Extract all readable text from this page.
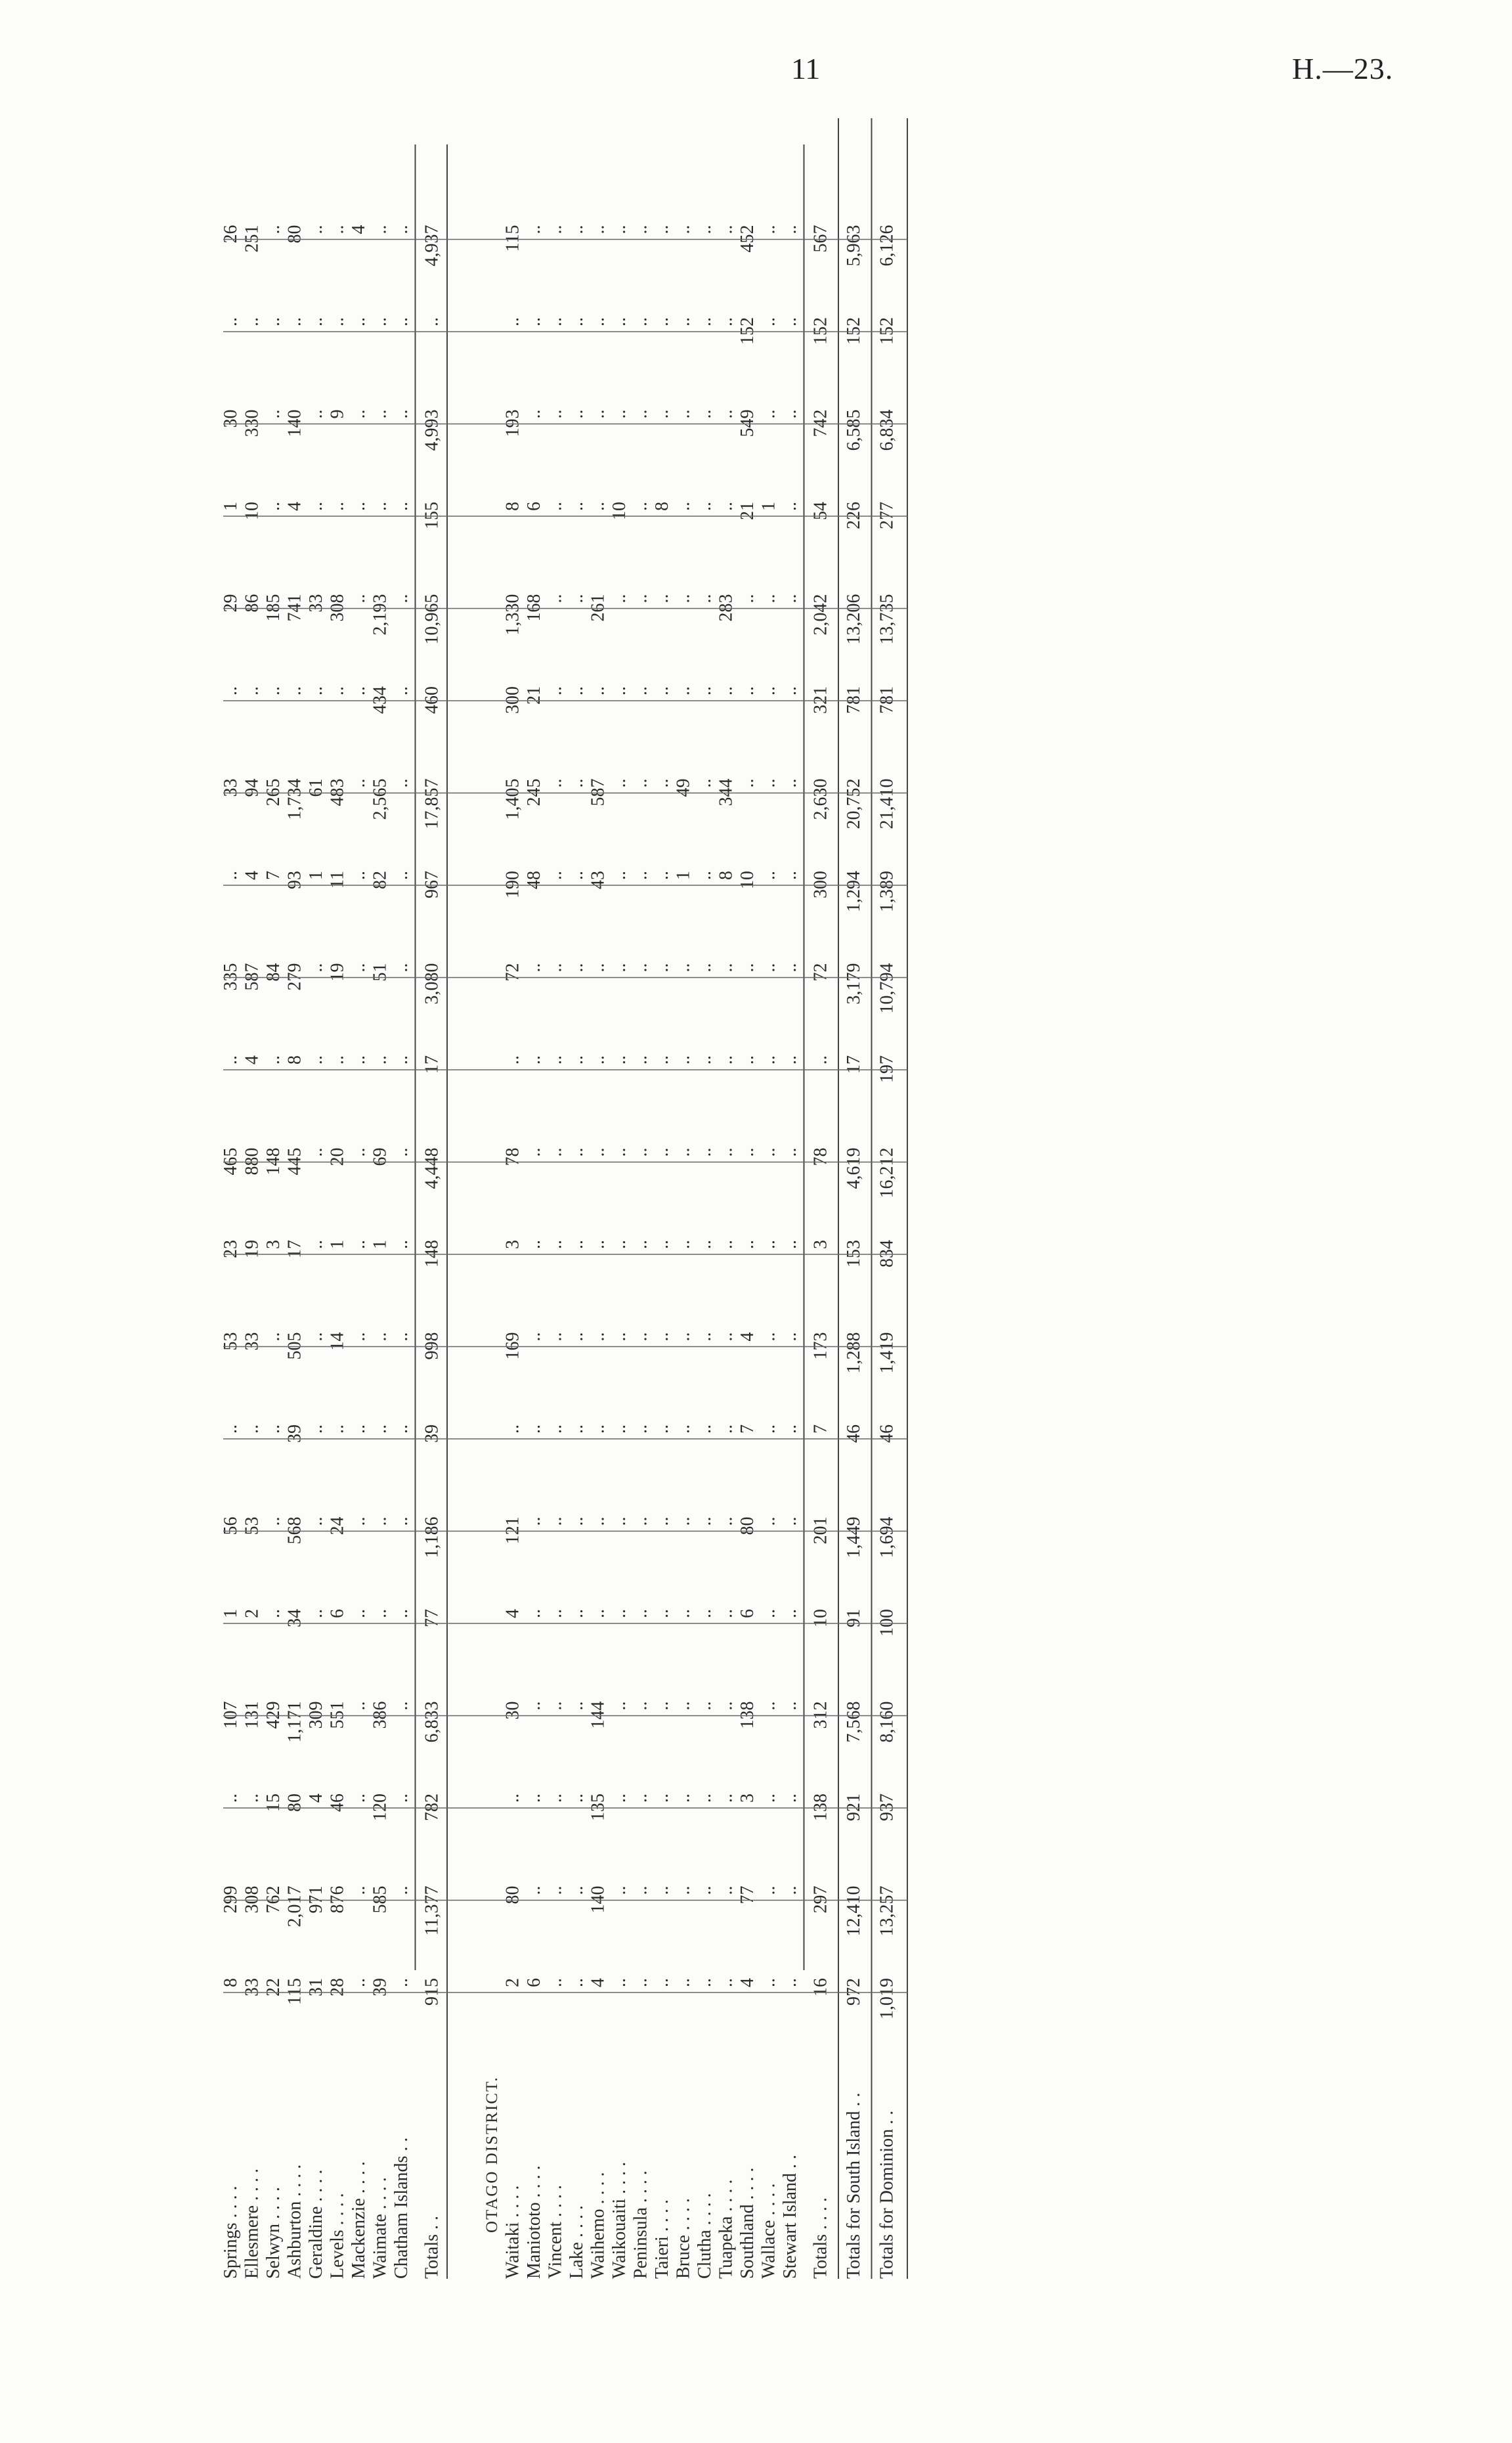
11	H.—23.
Springs . . . .
8
299
..
107
1
56
..
53
23
465
..
335
..
33
..
29
1
30
..
26
Ellesmere . . . .
33
308
..
131
2
53
..
33
19
880
4
587
4
94
..
86
10
330
..
251
Selwyn . . . .
22
762
15
429
..
..
..
..
3
148
..
84
7
265
..
185
..
..
..
..
Ashburton . . . .
115
2,017
80
1,171
34
568
39
505
17
445
8
279
93
1,734
..
741
4
140
..
80
Geraldine . . . .
31
971
4
309
..
..
..
..
..
..
..
..
1
61
..
33
..
..
..
..
Levels . . . .
28
876
46
551
6
24
..
14
1
20
..
19
11
483
..
308
..
9
..
..
Mackenzie . . . .
..
..
..
..
..
..
..
..
..
..
..
..
..
..
..
..
..
..
..
4
Waimate . . . .
39
585
120
386
..
..
..
..
1
69
..
51
82
2,565
434
2,193
..
..
..
..
Chatham Islands . .
..
..
..
..
..
..
..
..
..
..
..
..
..
..
..
..
..
..
..
..
Totals . .
915
11,377
782
6,833
77
1,186
39
998
148
4,448
17
3,080
967
17,857
460
10,965
155
4,993
..
4,937
OTAGO DISTRICT. Waitaki . . . .
2
80
..
30
4
121
..
169
3
78
..
72
190
1,405
300
1,330
8
193
..
115
Maniototo . . . .
6
..
..
..
..
..
..
..
..
..
..
..
48
245
21
168
6
..
..
..
Vincent . . . .
..
..
..
..
..
..
..
..
..
..
..
..
..
..
..
..
..
..
..
..
Lake . . . .
..
..
..
..
..
..
..
..
..
..
..
..
..
..
..
..
..
..
..
..
Waihemo . . . .
4
140
135
144
..
..
..
..
..
..
..
..
43
587
..
261
..
..
..
..
Waikouaiti . . . .
..
..
..
..
..
..
..
..
..
..
..
..
..
..
..
..
10
..
..
..
Peninsula . . . .
..
..
..
..
..
..
..
..
..
..
..
..
..
..
..
..
..
..
..
..
Taieri . . . .
..
..
..
..
..
..
..
..
..
..
..
..
..
..
..
..
8
..
..
..
Bruce . . . .
..
..
..
..
..
..
..
..
..
..
..
..
1
49
..
..
..
..
..
..
Clutha . . . .
..
..
..
..
..
..
..
..
..
..
..
..
..
..
..
..
..
..
..
..
Tuapeka . . . .
..
..
..
..
..
..
..
..
..
..
..
..
8
344
..
283
..
..
..
..
Southland . . . .
4
77
3
138
6
80
7
4
..
..
..
..
10
..
..
..
21
549
152
452
Wallace . . . .
..
..
..
..
..
..
..
..
..
..
..
..
..
..
..
..
1
..
..
..
Stewart Island . .
..
..
..
..
..
..
..
..
..
..
..
..
..
..
..
..
..
..
..
..
Totals . . . .
16
297
138
312
10
201
7
173
3
78
..
72
300
2,630
321
2,042
54
742
152
567
Totals for South Island . .
972
12,410
921
7,568
91
1,449
46
1,288
153
4,619
17
3,179
1,294
20,752
781
13,206
226
6,585
152
5,963
Totals for Dominion . .
1,019
13,257
937
8,160
100
1,694
46
1,419
834
16,212
197
10,794
1,389
21,410
781
13,735
277
6,834
152
6,126
